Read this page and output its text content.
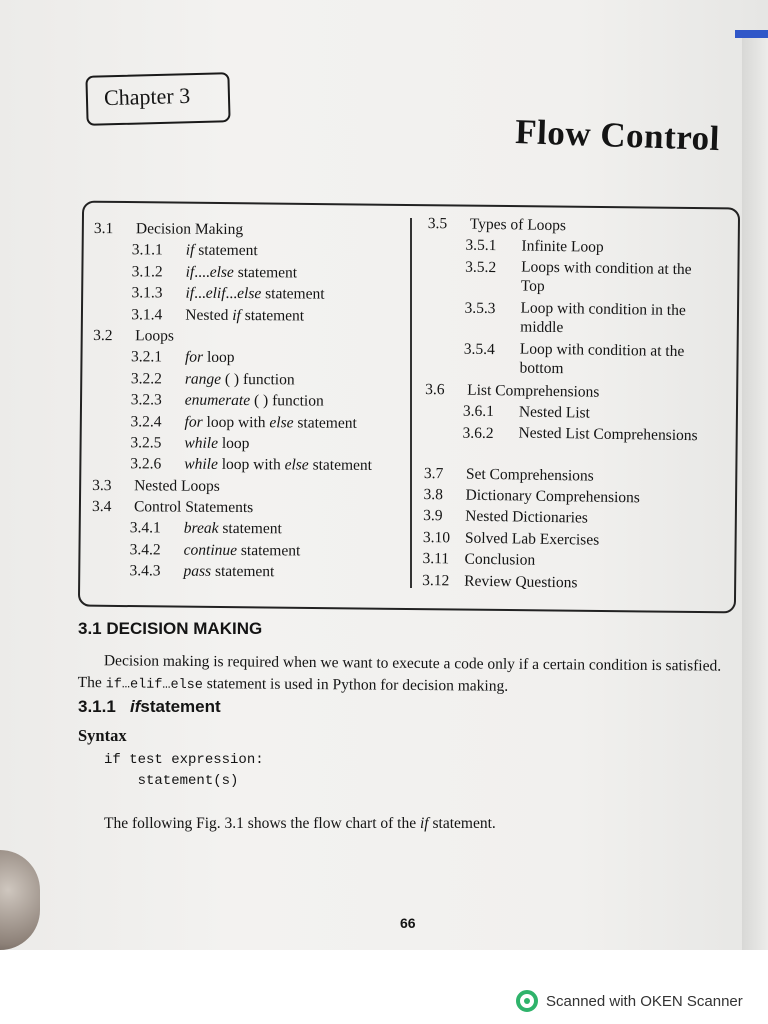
Chapter 3
Flow Control
3.1	Decision Making
3.1.1	if statement
3.1.2	if....else statement
3.1.3	if...elif...else statement
3.1.4	Nested if statement
3.2	Loops
3.2.1	for loop
3.2.2	range ( ) function
3.2.3	enumerate ( ) function
3.2.4	for loop with else statement
3.2.5	while loop
3.2.6	while loop with else statement
3.3	Nested Loops
3.4	Control Statements
3.4.1	break statement
3.4.2	continue statement
3.4.3	pass statement
3.5	Types of Loops
3.5.1	Infinite Loop
3.5.2	Loops with condition at the Top
3.5.3	Loop with condition in the middle
3.5.4	Loop with condition at the bottom
3.6	List Comprehensions
3.6.1	Nested List
3.6.2	Nested List Comprehensions
3.7	Set Comprehensions
3.8	Dictionary Comprehensions
3.9	Nested Dictionaries
3.10 Solved Lab Exercises
3.11 Conclusion
3.12 Review Questions
3.1 DECISION MAKING
Decision making is required when we want to execute a code only if a certain condition is satisfied. The if…elif…else statement is used in Python for decision making.
3.1.1 ifstatement
Syntax
if test expression:
statement(s)
The following Fig. 3.1 shows the flow chart of the if statement.
66
Scanned with OKEN Scanner
